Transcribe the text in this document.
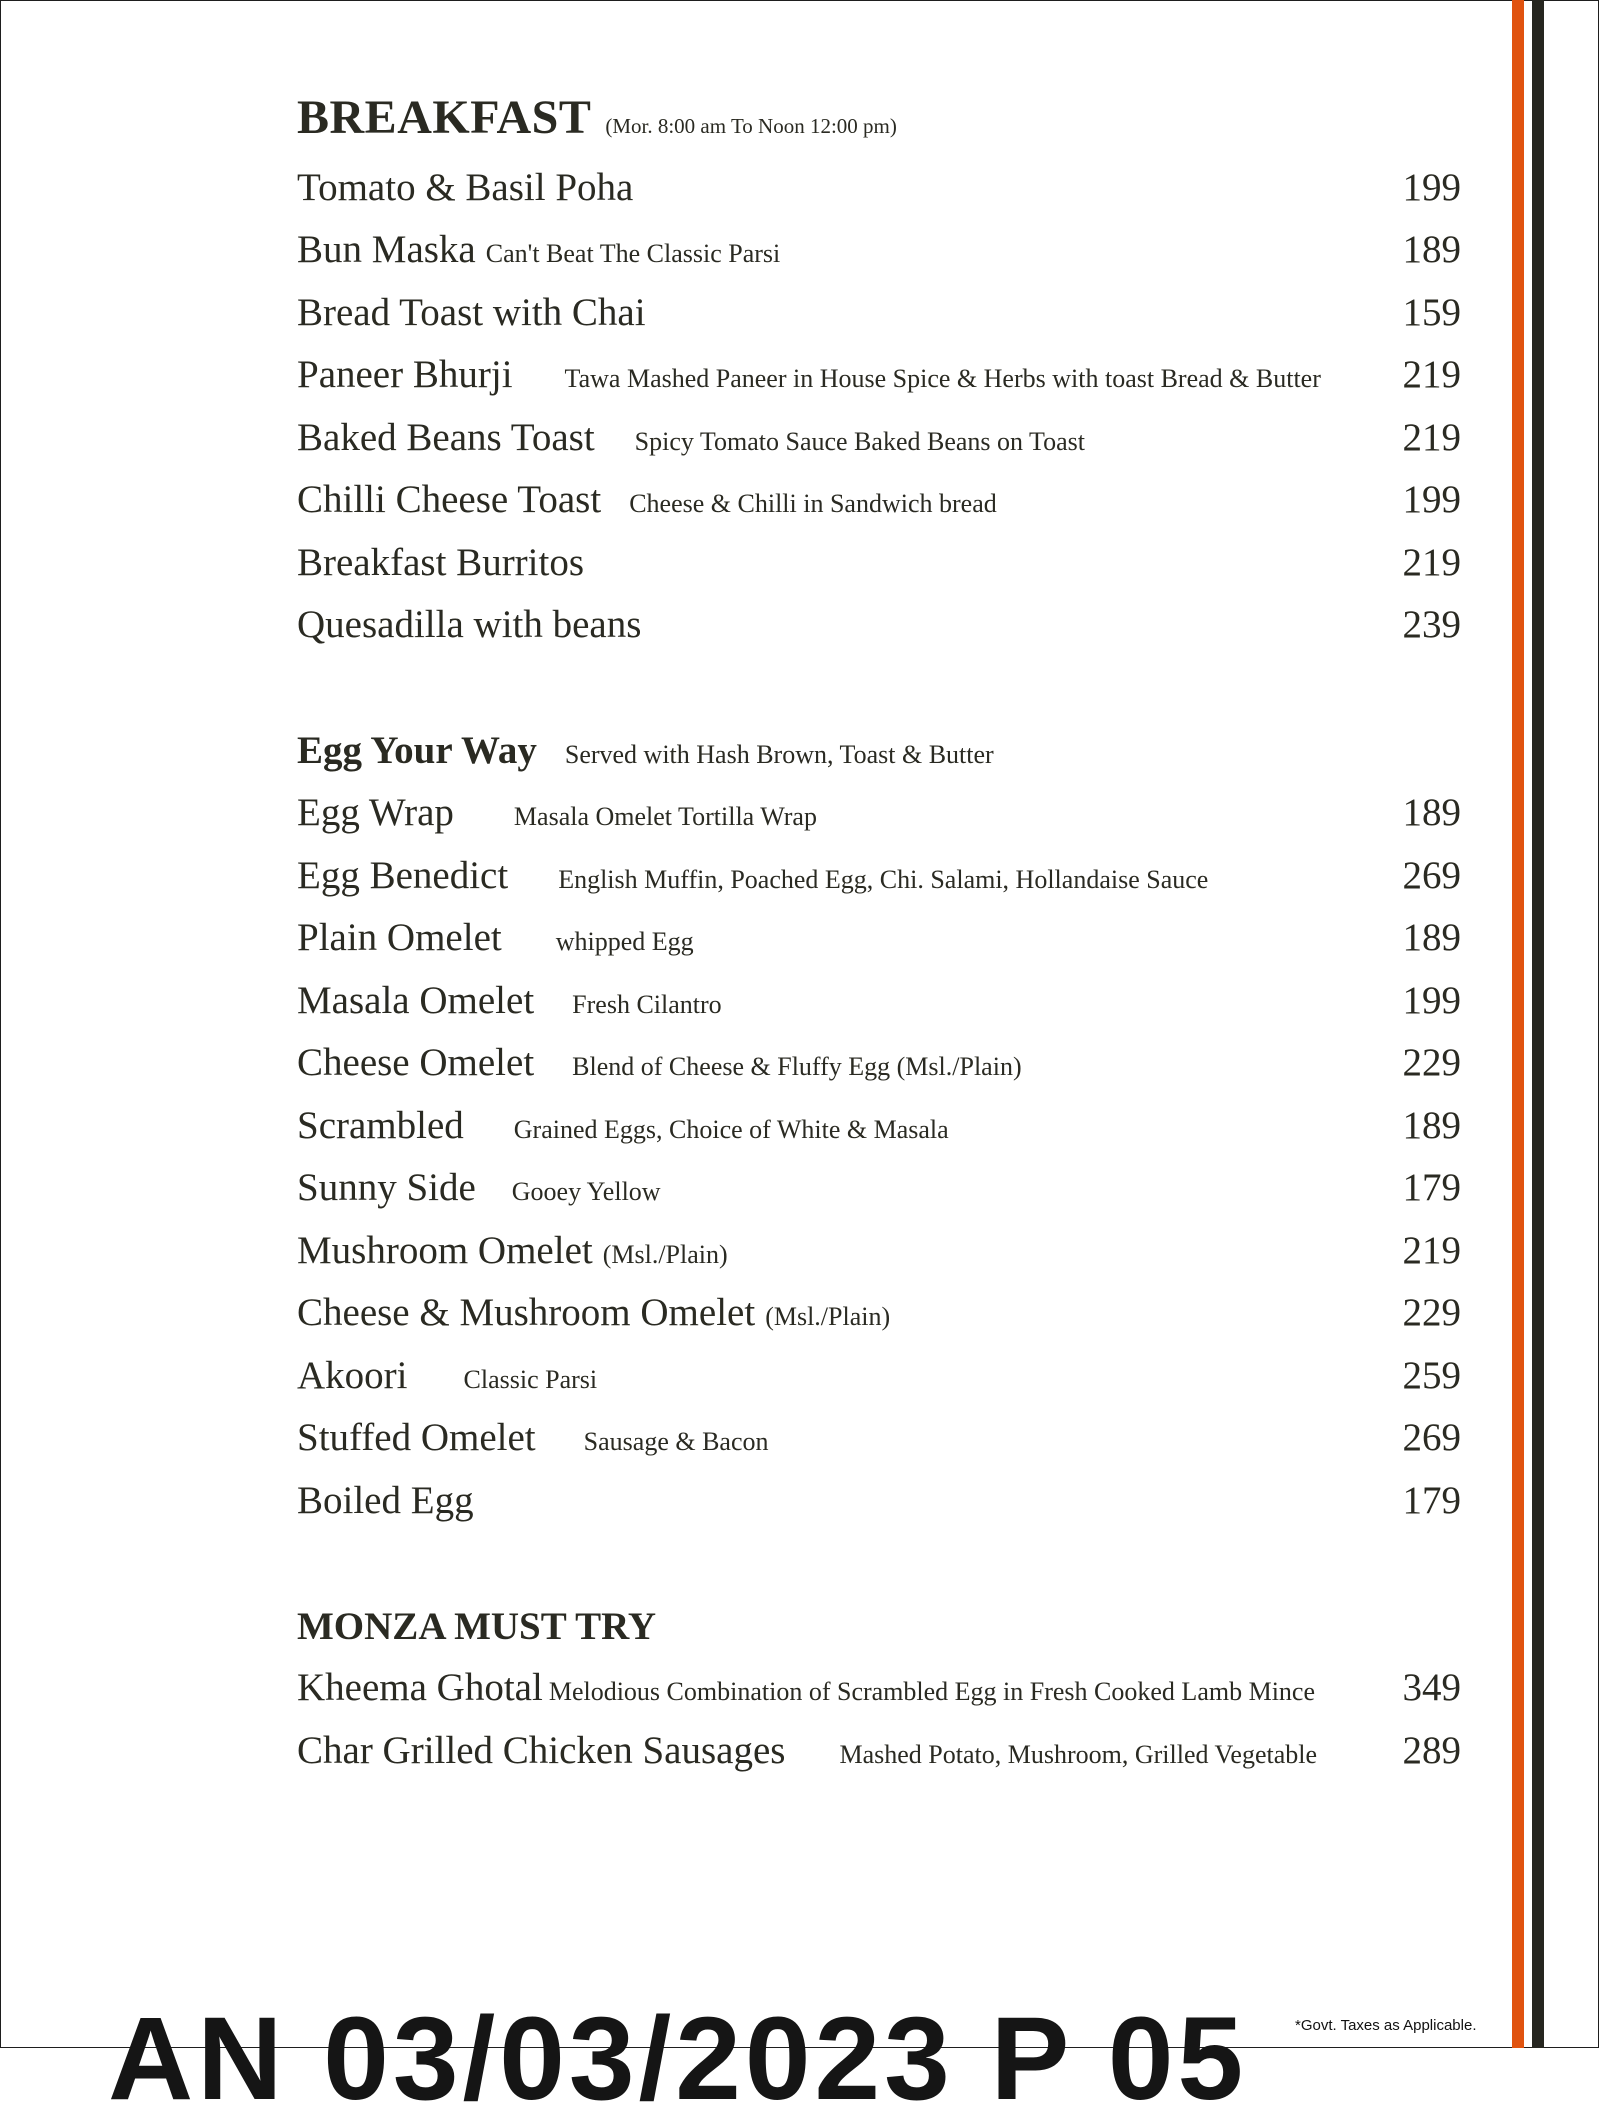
BREAKFAST (Mor. 8:00 am To Noon 12:00 pm)
Tomato & Basil Poha	199
Bun Maska Can't Beat The Classic Parsi	189
Bread Toast with Chai	159
Paneer Bhurji Tawa Mashed Paneer in House Spice & Herbs with toast Bread & Butter 219
Baked Beans Toast Spicy Tomato Sauce Baked Beans on Toast	219
Chilli Cheese Toast Cheese & Chilli in Sandwich bread	199
Breakfast Burritos	219
Quesadilla with beans	239
Egg Your Way Served with Hash Brown, Toast & Butter
Egg Wrap Masala Omelet Tortilla Wrap	189
Egg Benedict English Muffin, Poached Egg, Chi. Salami, Hollandaise Sauce	269
Plain Omelet whipped Egg	189
Masala Omelet Fresh Cilantro	199
Cheese Omelet Blend of Cheese & Fluffy Egg (Msl./Plain)	229
Scrambled Grained Eggs, Choice of White & Masala	189
Sunny Side Gooey Yellow	179
Mushroom Omelet (Msl./Plain)	219
Cheese & Mushroom Omelet (Msl./Plain)	229
Akoori Classic Parsi	259
Stuffed Omelet Sausage & Bacon	269
Boiled Egg	179
MONZA MUST TRY
Kheema Ghotal Melodious Combination of Scrambled Egg in Fresh Cooked Lamb Mince 349
Char Grilled Chicken Sausages Mashed Potato, Mushroom, Grilled Vegetable 289
*Govt. Taxes as Applicable.
AN 03/03/2023 P 05
